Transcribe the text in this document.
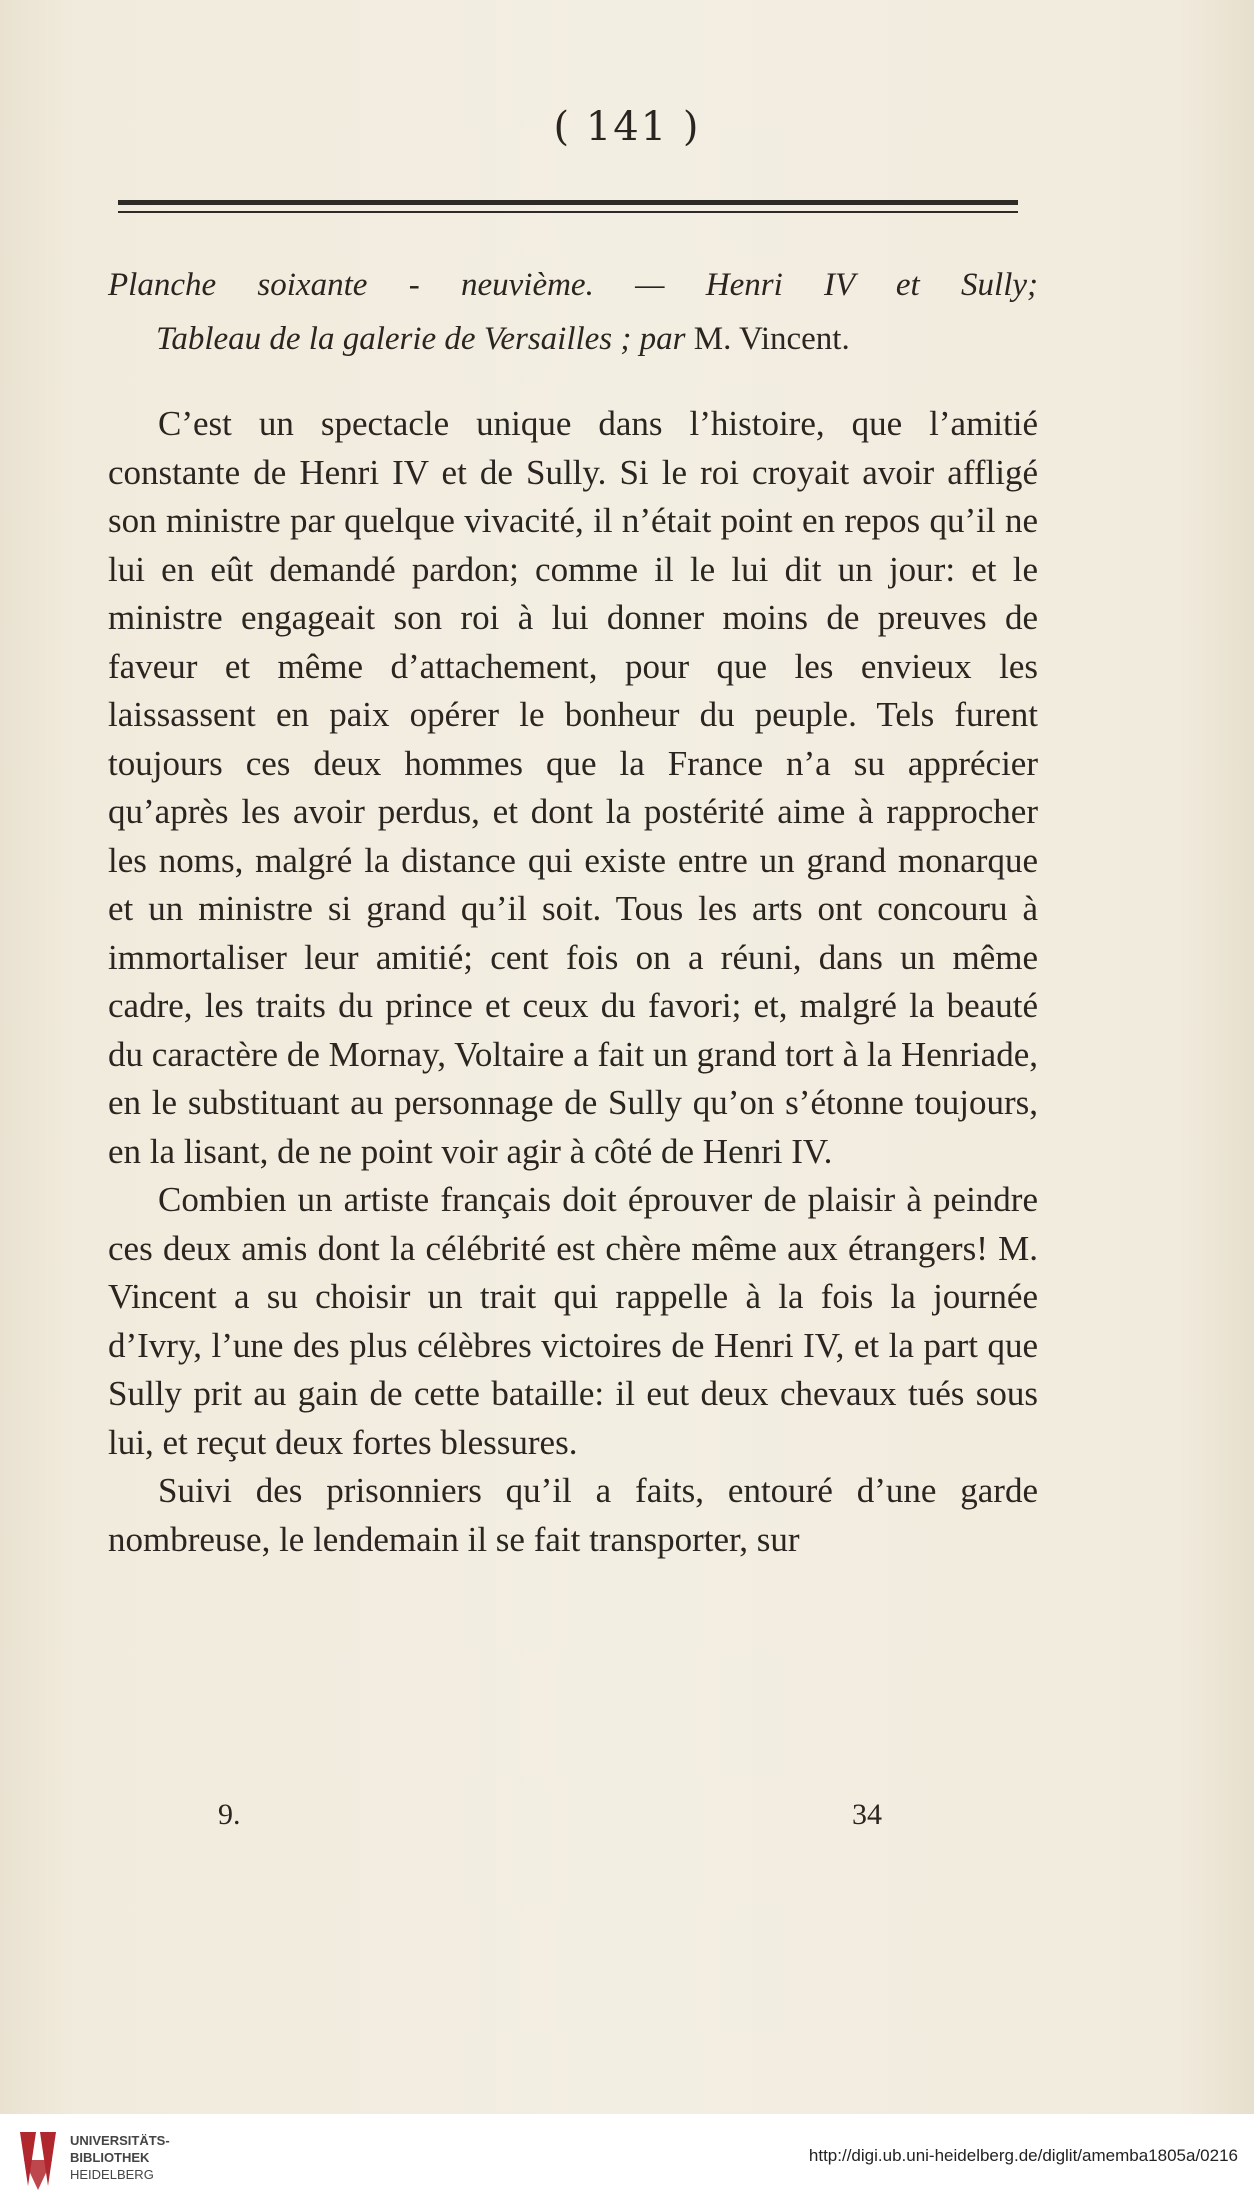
( 141 )
Planche soixante - neuvième. — Henri IV et Sully;
Tableau de la galerie de Versailles ; par M. Vincent.

C’est un spectacle unique dans l’histoire, que l’amitié constante de Henri IV et de Sully. Si le roi croyait avoir affligé son ministre par quelque vivacité, il n’était point en repos qu’il ne lui en eût demandé pardon; comme il le lui dit un jour: et le ministre engageait son roi à lui donner moins de preuves de faveur et même d’attachement, pour que les envieux les laissassent en paix opérer le bonheur du peuple. Tels furent toujours ces deux hommes que la France n’a su apprécier qu’après les avoir perdus, et dont la postérité aime à rapprocher les noms, malgré la distance qui existe entre un grand monarque et un ministre si grand qu’il soit. Tous les arts ont concouru à immortaliser leur amitié; cent fois on a réuni, dans un même cadre, les traits du prince et ceux du favori; et, malgré la beauté du caractère de Mornay, Voltaire a fait un grand tort à la Henriade, en le substituant au personnage de Sully qu’on s’étonne toujours, en la lisant, de ne point voir agir à côté de Henri IV.

Combien un artiste français doit éprouver de plaisir à peindre ces deux amis dont la célébrité est chère même aux étrangers! M. Vincent a su choisir un trait qui rappelle à la fois la journée d’Ivry, l’une des plus célèbres victoires de Henri IV, et la part que Sully prit au gain de cette bataille: il eut deux chevaux tués sous lui, et reçut deux fortes blessures.

Suivi des prisonniers qu’il a faits, entouré d’une garde nombreuse, le lendemain il se fait transporter, sur

9.	34
UNIVERSITÄTS-
BIBLIOTHEK
HEIDELBERG
http://digi.ub.uni-heidelberg.de/diglit/amemba1805a/0216
